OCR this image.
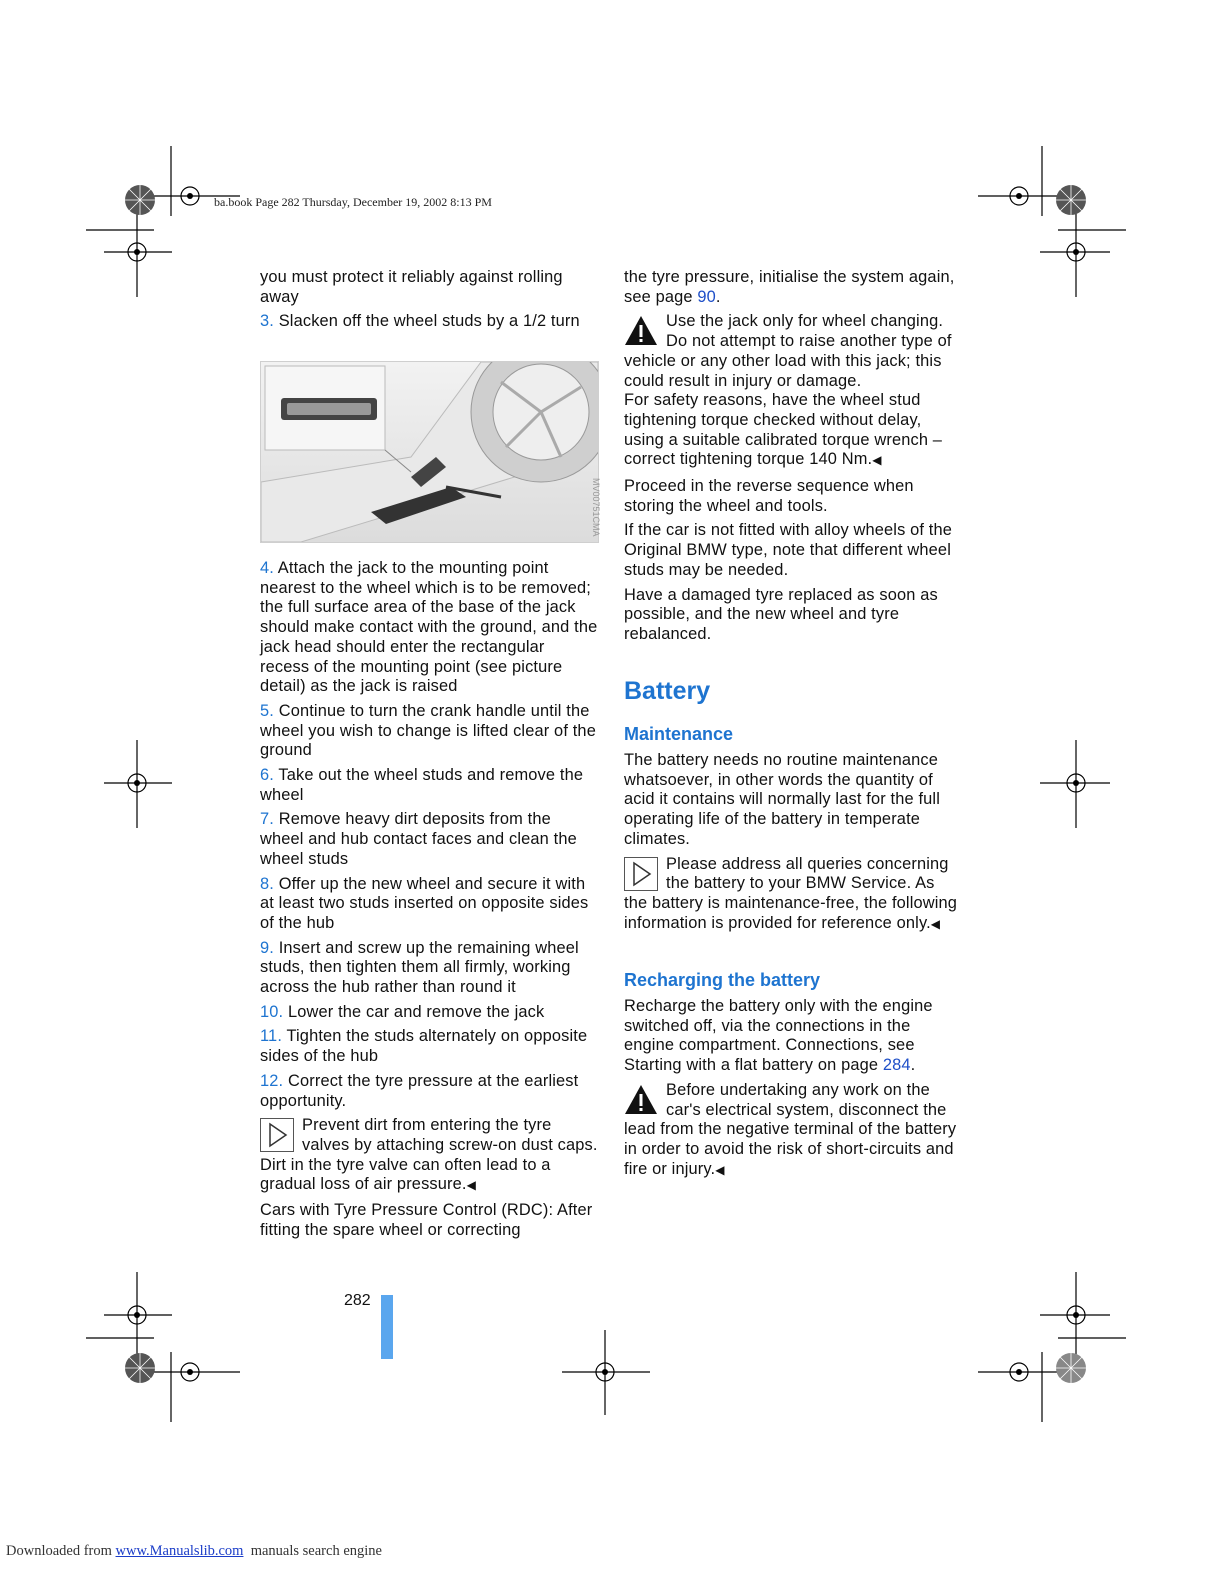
ba.book Page 282 Thursday, December 19, 2002 8:13 PM

you must protect it reliably against rolling away

3. Slacken off the wheel studs by a 1/2 turn

MV00751CMA

4. Attach the jack to the mounting point nearest to the wheel which is to be removed; the full surface area of the base of the jack should make contact with the ground, and the jack head should enter the rectangular recess of the mounting point (see picture detail) as the jack is raised

5. Continue to turn the crank handle until the wheel you wish to change is lifted clear of the ground

6. Take out the wheel studs and remove the wheel

7. Remove heavy dirt deposits from the wheel and hub contact faces and clean the wheel studs

8. Offer up the new wheel and secure it with at least two studs inserted on opposite sides of the hub

9. Insert and screw up the remaining wheel studs, then tighten them all firmly, working across the hub rather than round it

10. Lower the car and remove the jack

11. Tighten the studs alternately on opposite sides of the hub

12. Correct the tyre pressure at the earliest opportunity.

Prevent dirt from entering the tyre valves by attaching screw-on dust caps. Dirt in the tyre valve can often lead to a gradual loss of air pressure.◀

Cars with Tyre Pressure Control (RDC): After fitting the spare wheel or correcting

the tyre pressure, initialise the system again, see page 90.

Use the jack only for wheel changing. Do not attempt to raise another type of vehicle or any other load with this jack; this could result in injury or damage.
For safety reasons, have the wheel stud tightening torque checked without delay, using a suitable calibrated torque wrench – correct tightening torque 140 Nm.◀

Proceed in the reverse sequence when storing the wheel and tools.

If the car is not fitted with alloy wheels of the Original BMW type, note that different wheel studs may be needed.

Have a damaged tyre replaced as soon as possible, and the new wheel and tyre rebalanced.

Battery
Maintenance

The battery needs no routine maintenance whatsoever, in other words the quantity of acid it contains will normally last for the full operating life of the battery in temperate climates.

Please address all queries concerning the battery to your BMW Service. As the battery is maintenance-free, the following information is provided for reference only.◀
Recharging the battery

Recharge the battery only with the engine switched off, via the connections in the engine compartment. Connections, see Starting with a flat battery on page 284.

Before undertaking any work on the car's electrical system, disconnect the lead from the negative terminal of the battery in order to avoid the risk of short-circuits and fire or injury.◀
282
Downloaded from www.Manualslib.com  manuals search engine
